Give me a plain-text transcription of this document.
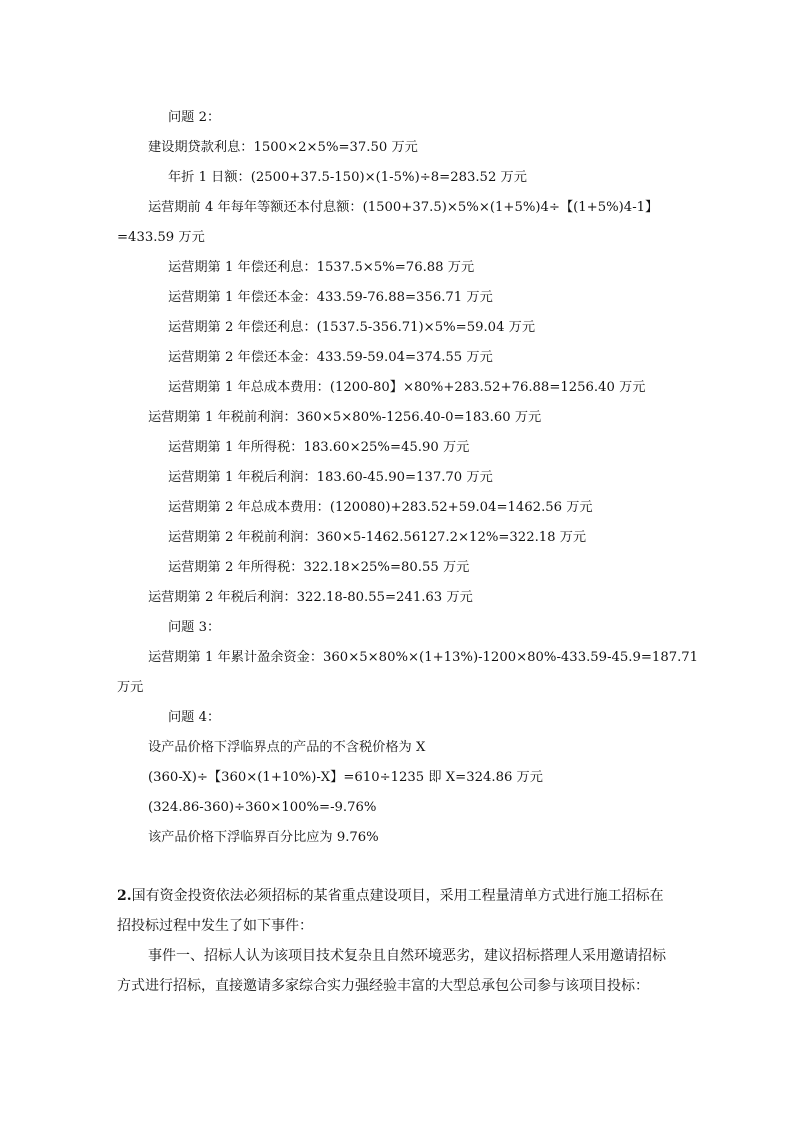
问题 2：
建设期贷款利息：1500×2×5%=37.50 万元
年折 1 日额：(2500+37.5-150)×(1-5%)÷8=283.52 万元
运营期前 4 年每年等额还本付息额：(1500+37.5)×5%×(1+5%)4÷【(1+5%)4-1】
=433.59 万元
运营期第 1 年偿还利息：1537.5×5%=76.88 万元
运营期第 1 年偿还本金：433.59-76.88=356.71 万元
运营期第 2 年偿还利息：(1537.5-356.71)×5%=59.04 万元
运营期第 2 年偿还本金：433.59-59.04=374.55 万元
运营期第 1 年总成本费用：(1200-80】×80%+283.52+76.88=1256.40 万元
运营期第 1 年税前利润：360×5×80%-1256.40-0=183.60 万元
运营期第 1 年所得税：183.60×25%=45.90 万元
运营期第 1 年税后利润：183.60-45.90=137.70 万元
运营期第 2 年总成本费用：(120080)+283.52+59.04=1462.56 万元
运营期第 2 年税前利润：360×5-1462.56127.2×12%=322.18 万元
运营期第 2 年所得税：322.18×25%=80.55 万元
运营期第 2 年税后利润：322.18-80.55=241.63 万元
问题 3：
运营期第 1 年累计盈余资金：360×5×80%×(1+13%)-1200×80%-433.59-45.9=187.71
万元
问题 4：
设产品价格下浮临界点的产品的不含税价格为 X
(360-X)÷【360×(1+10%)-X】=610÷1235 即 X=324.86 万元
(324.86-360)÷360×100%=-9.76%
该产品价格下浮临界百分比应为 9.76%
2.国有资金投资依法必须招标的某省重点建设项目，采用工程量清单方式进行施工招标在
招投标过程中发生了如下事件：
事件一、招标人认为该项目技术复杂且自然环境恶劣，建议招标搭理人采用邀请招标
方式进行招标，直接邀请多家综合实力强经验丰富的大型总承包公司参与该项目投标：
